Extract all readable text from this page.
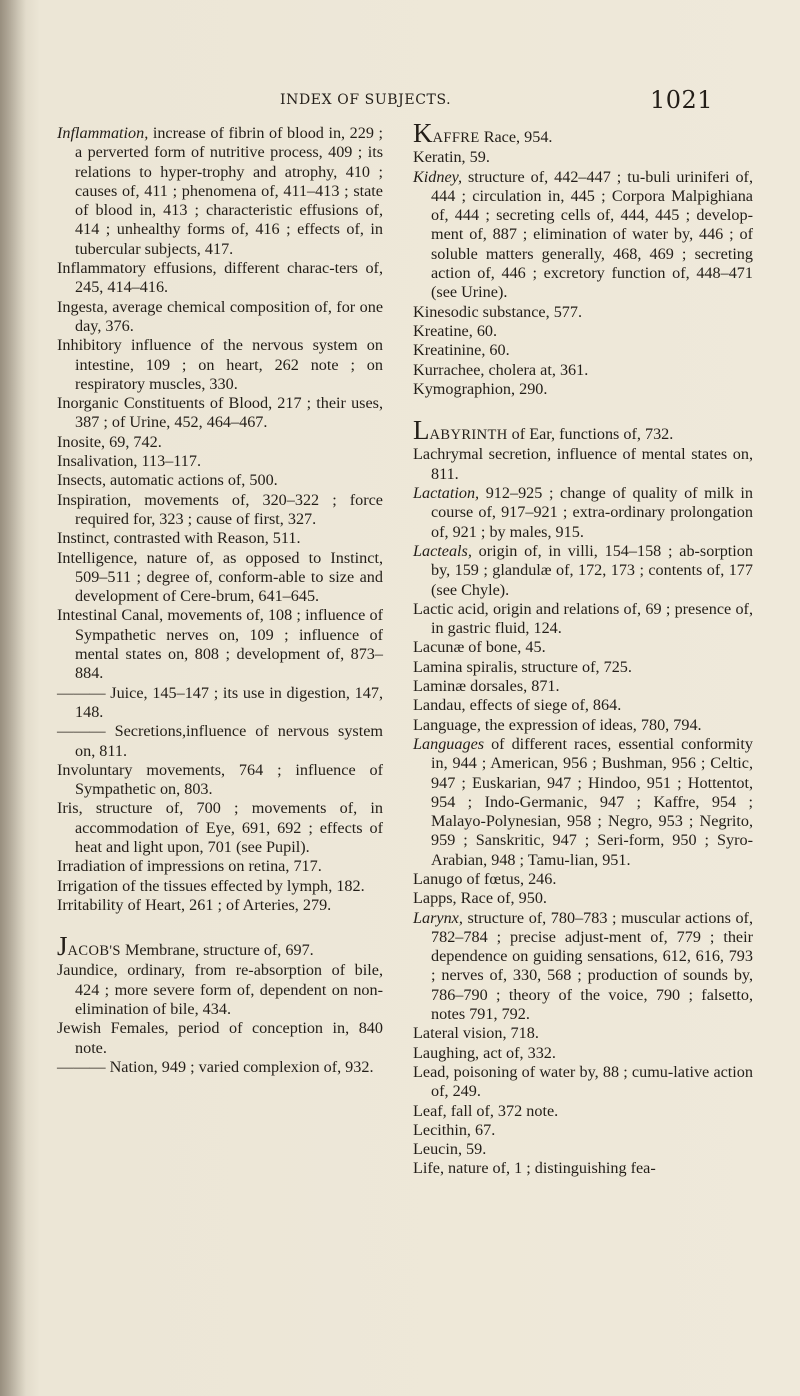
INDEX OF SUBJECTS.	1021

Inflammation, increase of fibrin of blood in, 229 ; a perverted form of nutritive process, 409 ; its relations to hyper-trophy and atrophy, 410 ; causes of, 411 ; phenomena of, 411–413 ; state of blood in, 413 ; characteristic effusions of, 414 ; unhealthy forms of, 416 ; effects of, in tubercular subjects, 417.

Inflammatory effusions, different charac-ters of, 245, 414–416.

Ingesta, average chemical composition of, for one day, 376.

Inhibitory influence of the nervous system on intestine, 109 ; on heart, 262 note ; on respiratory muscles, 330.

Inorganic Constituents of Blood, 217 ; their uses, 387 ; of Urine, 452, 464–467.

Inosite, 69, 742.

Insalivation, 113–117.

Insects, automatic actions of, 500.

Inspiration, movements of, 320–322 ; force required for, 323 ; cause of first, 327.

Instinct, contrasted with Reason, 511.

Intelligence, nature of, as opposed to Instinct, 509–511 ; degree of, conform-able to size and development of Cere-brum, 641–645.

Intestinal Canal, movements of, 108 ; influence of Sympathetic nerves on, 109 ; influence of mental states on, 808 ; development of, 873–884.

——— Juice, 145–147 ; its use in digestion, 147, 148.

——— Secretions,influence of nervous system on, 811.

Involuntary movements, 764 ; influence of Sympathetic on, 803.

Iris, structure of, 700 ; movements of, in accommodation of Eye, 691, 692 ; effects of heat and light upon, 701 (see Pupil).

Irradiation of impressions on retina, 717.

Irrigation of the tissues effected by lymph, 182.

Irritability of Heart, 261 ; of Arteries, 279.

JACOB'S Membrane, structure of, 697.

Jaundice, ordinary, from re-absorption of bile, 424 ; more severe form of, dependent on non-elimination of bile, 434.

Jewish Females, period of conception in, 840 note.

——— Nation, 949 ; varied complexion of, 932.

KAFFRE Race, 954.

Keratin, 59.

Kidney, structure of, 442–447 ; tu-buli uriniferi of, 444 ; circulation in, 445 ; Corpora Malpighiana of, 444 ; secreting cells of, 444, 445 ; develop-ment of, 887 ; elimination of water by, 446 ; of soluble matters generally, 468, 469 ; secreting action of, 446 ; excretory function of, 448–471 (see Urine).

Kinesodic substance, 577.

Kreatine, 60.

Kreatinine, 60.

Kurrachee, cholera at, 361.

Kymographion, 290.

LABYRINTH of Ear, functions of, 732.

Lachrymal secretion, influence of mental states on, 811.

Lactation, 912–925 ; change of quality of milk in course of, 917–921 ; extra-ordinary prolongation of, 921 ; by males, 915.

Lacteals, origin of, in villi, 154–158 ; ab-sorption by, 159 ; glandulæ of, 172, 173 ; contents of, 177 (see Chyle).

Lactic acid, origin and relations of, 69 ; presence of, in gastric fluid, 124.

Lacunæ of bone, 45.

Lamina spiralis, structure of, 725.

Laminæ dorsales, 871.

Landau, effects of siege of, 864.

Language, the expression of ideas, 780, 794.

Languages of different races, essential conformity in, 944 ; American, 956 ; Bushman, 956 ; Celtic, 947 ; Euskarian, 947 ; Hindoo, 951 ; Hottentot, 954 ; Indo-Germanic, 947 ; Kaffre, 954 ; Malayo-Polynesian, 958 ; Negro, 953 ; Negrito, 959 ; Sanskritic, 947 ; Seri-form, 950 ; Syro-Arabian, 948 ; Tamu-lian, 951.

Lanugo of fœtus, 246.

Lapps, Race of, 950.

Larynx, structure of, 780–783 ; muscular actions of, 782–784 ; precise adjust-ment of, 779 ; their dependence on guiding sensations, 612, 616, 793 ; nerves of, 330, 568 ; production of sounds by, 786–790 ; theory of the voice, 790 ; falsetto, notes 791, 792.

Lateral vision, 718.

Laughing, act of, 332.

Lead, poisoning of water by, 88 ; cumu-lative action of, 249.

Leaf, fall of, 372 note.

Lecithin, 67.

Leucin, 59.

Life, nature of, 1 ; distinguishing fea-
